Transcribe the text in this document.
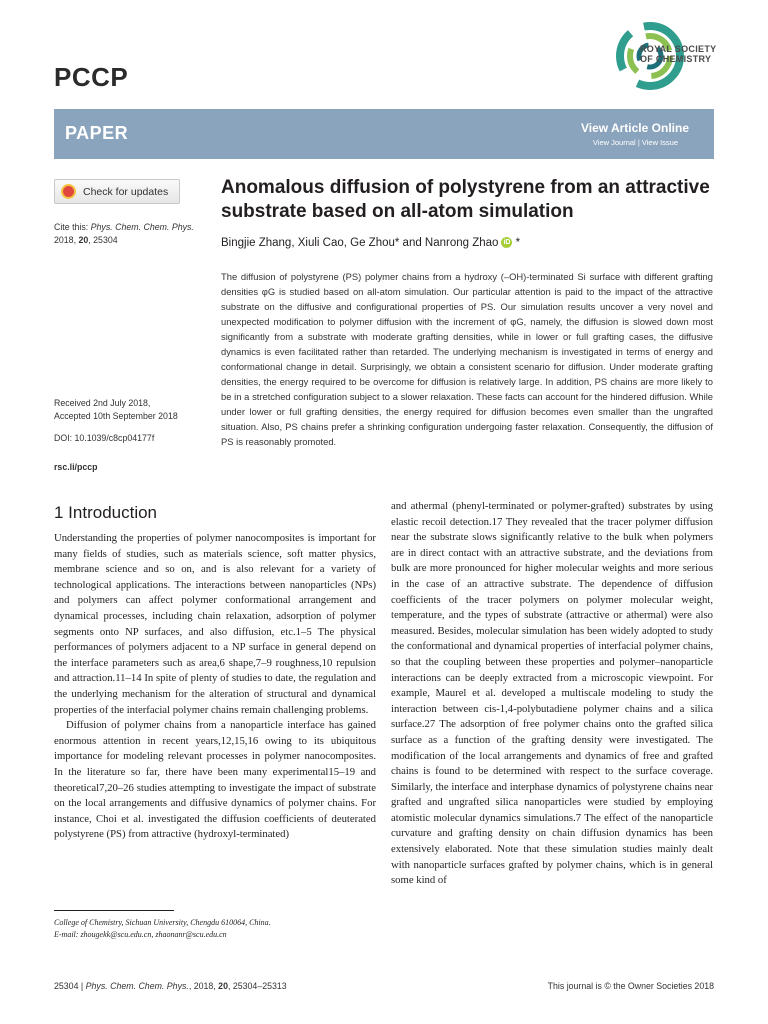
PCCP
ROYAL SOCIETY
OF CHEMISTRY
PAPER	View Article Online
View Journal | View Issue
Check for updates
Cite this: Phys. Chem. Chem. Phys.
2018, 20, 25304
Anomalous diffusion of polystyrene from an attractive substrate based on all-atom simulation
Bingjie Zhang, Xiuli Cao, Ge Zhou* and Nanrong Zhao iD *
Received 2nd July 2018,
Accepted 10th September 2018
DOI: 10.1039/c8cp04177f
rsc.li/pccp
The diffusion of polystyrene (PS) polymer chains from a hydroxy (–OH)-terminated Si surface with different grafting densities φG is studied based on all-atom simulation. Our particular attention is paid to the impact of the attractive substrate on the diffusive and configurational properties of PS. Our simulation results uncover a very novel and unexpected modification to polymer diffusion with the increment of φG, namely, the diffusion is slowed down most significantly from a substrate with moderate grafting densities, while in lower or full grafting cases, the diffusive dynamics is even facilitated rather than retarded. The underlying mechanism is investigated in terms of energy and conformational change in detail. Surprisingly, we obtain a consistent scenario for diffusion. Under moderate grafting densities, the energy required to be overcome for diffusion is relatively large. In addition, PS chains are more likely to be in a stretched configuration subject to a slower relaxation. These facts can account for the hindered diffusion. While under lower or full grafting densities, the energy required for diffusion becomes even smaller than the ungrafted situation. Also, PS chains prefer a shrinking configuration undergoing faster relaxation. Consequently, the diffusion of PS is reasonably promoted.
1 Introduction

Understanding the properties of polymer nanocomposites is important for many fields of studies, such as materials science, soft matter physics, membrane science and so on, and is also relevant for a variety of technological applications. The interactions between nanoparticles (NPs) and polymers can affect polymer conformational arrangement and dynamical processes, including chain relaxation, adsorption of polymer segments onto NP surfaces, and also diffusion, etc.1–5 The physical performances of polymers adjacent to a NP surface in general depend on the interface parameters such as area,6 shape,7–9 roughness,10 repulsion and attraction.11–14 In spite of plenty of studies to date, the regulation and the underlying mechanism for the alteration of structural and dynamical properties of the interfacial polymer chains remain challenging problems.

Diffusion of polymer chains from a nanoparticle interface has gained enormous attention in recent years,12,15,16 owing to its ubiquitous importance for modeling relevant processes in polymer nanocomposites. In the literature so far, there have been many experimental15–19 and theoretical7,20–26 studies attempting to investigate the impact of substrate on the local arrangements and diffusive dynamics of polymer chains. For instance, Choi et al. investigated the diffusion coefficients of deuterated polystyrene (PS) from attractive (hydroxyl-terminated)

and athermal (phenyl-terminated or polymer-grafted) substrates by using elastic recoil detection.17 They revealed that the tracer polymer diffusion near the substrate slows significantly relative to the bulk when polymers are in direct contact with an attractive substrate, and the deviations from bulk are more pronounced for higher molecular weights and more serious in the case of an attractive substrate. The dependence of diffusion coefficients of the tracer polymers on polymer molecular weight, temperature, and the types of substrate (attractive or athermal) were also measured. Besides, molecular simulation has been widely adopted to study the conformational and dynamical properties of interfacial polymer chains, so that the coupling between these properties and polymer–nanoparticle interactions can be deeply extracted from a microscopic viewpoint. For example, Maurel et al. developed a multiscale modeling to study the interaction between cis-1,4-polybutadiene polymer chains and a silica surface.27 The adsorption of free polymer chains onto the grafted silica surface as a function of the grafting density were investigated. The modification of the local arrangements and dynamics of free and grafted chains is found to be determined with respect to the surface coverage. Similarly, the interface and interphase dynamics of polystyrene chains near grafted and ungrafted silica nanoparticles were studied by employing atomistic molecular dynamics simulations.7 The effect of the nanoparticle curvature and grafting density on chain diffusion dynamics has been extensively elaborated. Note that these simulation studies mainly dealt with nanoparticle surfaces grafted by polymer chains, which is in general some kind of

College of Chemistry, Sichuan University, Chengdu 610064, China.
E-mail: zhougekk@scu.edu.cn, zhaonanr@scu.edu.cn
25304 | Phys. Chem. Chem. Phys., 2018, 20, 25304–25313	This journal is © the Owner Societies 2018
